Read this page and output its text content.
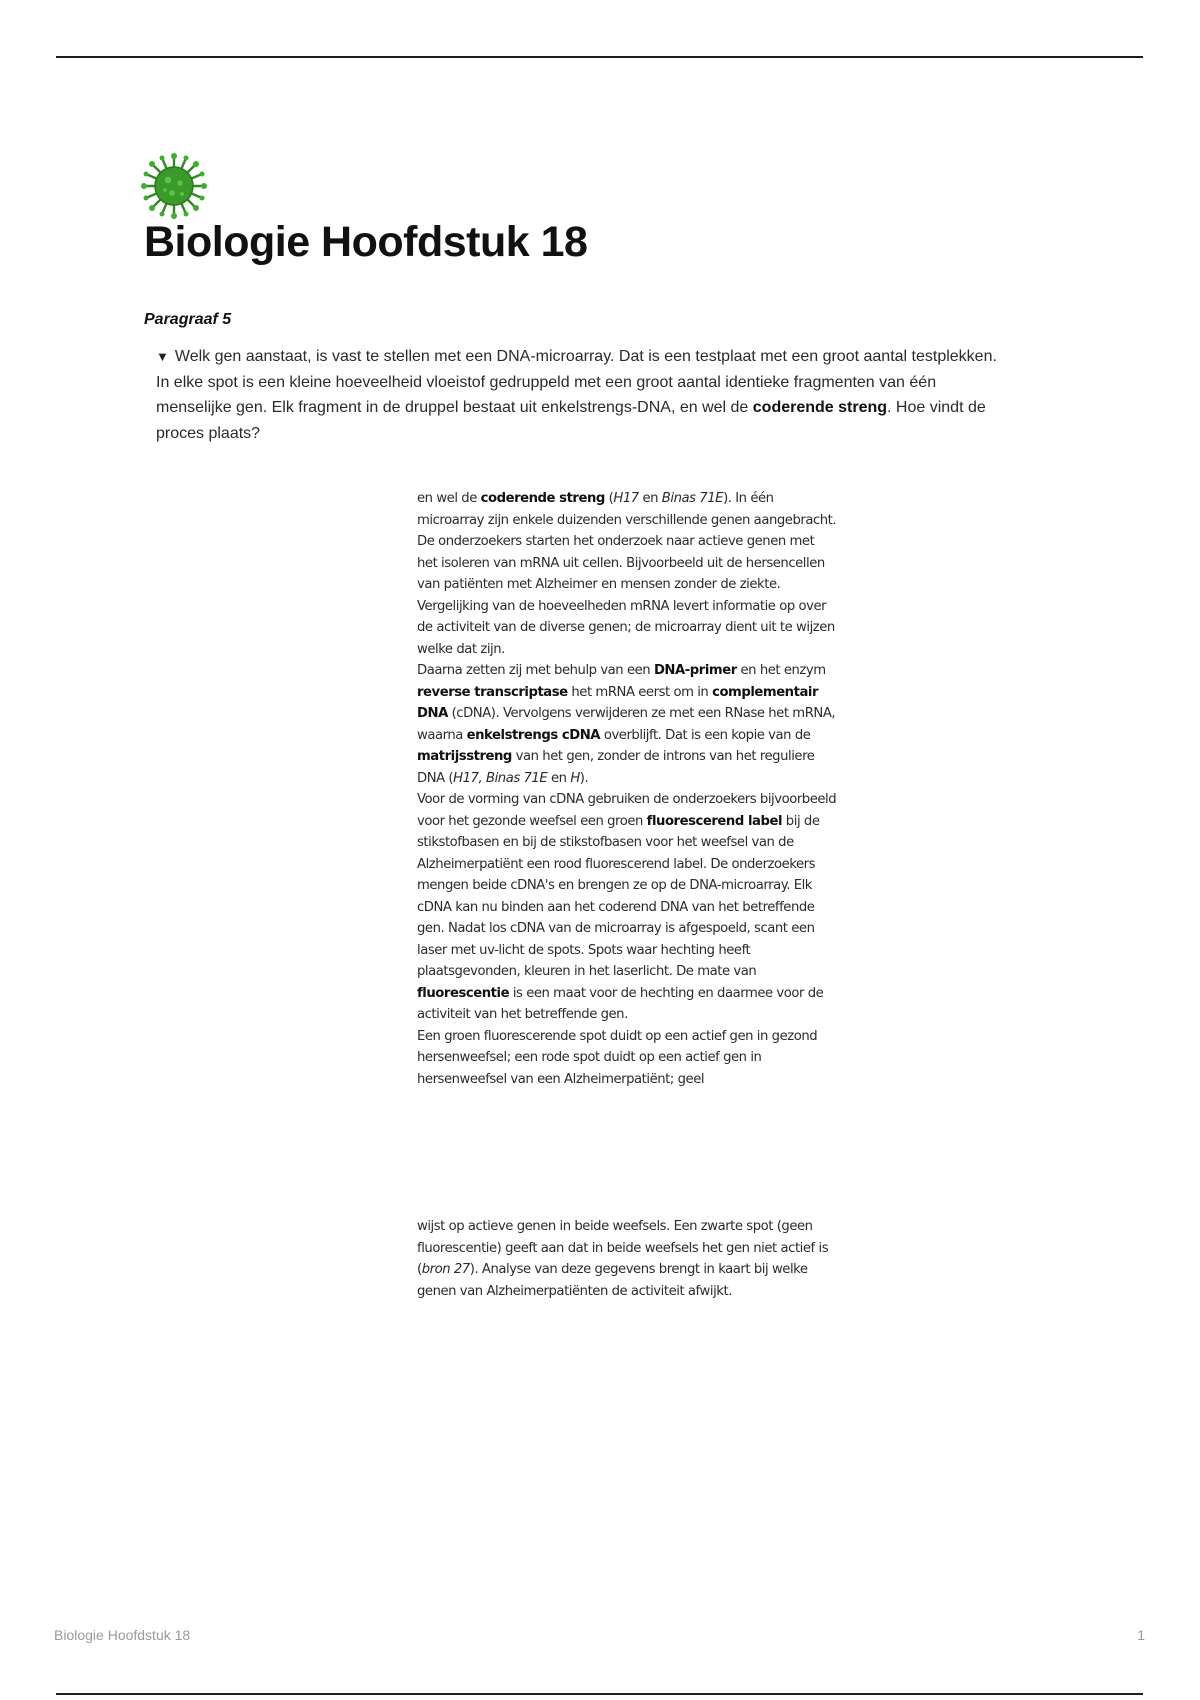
Biologie Hoofdstuk 18
Paragraaf 5
▼ Welk gen aanstaat, is vast te stellen met een DNA-microarray. Dat is een testplaat met een groot aantal testplekken. In elke spot is een kleine hoeveelheid vloeistof gedruppeld met een groot aantal identieke fragmenten van één menselijke gen. Elk fragment in de druppel bestaat uit enkelstrengs-DNA, en wel de coderende streng. Hoe vindt de proces plaats?

en wel de coderende streng (H17 en Binas 71E). In één microarray zijn enkele duizenden verschillende genen aangebracht.

De onderzoekers starten het onderzoek naar actieve genen met het isoleren van mRNA uit cellen. Bijvoorbeeld uit de hersencellen van patiënten met Alzheimer en mensen zonder de ziekte. Vergelijking van de hoeveelheden mRNA levert informatie op over de activiteit van de diverse genen; de microarray dient uit te wijzen welke dat zijn.

Daarna zetten zij met behulp van een DNA-primer en het enzym reverse transcriptase het mRNA eerst om in complementair DNA (cDNA). Vervolgens verwijderen ze met een RNase het mRNA, waarna enkelstrengs cDNA overblijft. Dat is een kopie van de matrijsstreng van het gen, zonder de introns van het reguliere DNA (H17, Binas 71E en H).

Voor de vorming van cDNA gebruiken de onderzoekers bijvoorbeeld voor het gezonde weefsel een groen fluorescerend label bij de stikstofbasen en bij de stikstofbasen voor het weefsel van de Alzheimerpatiënt een rood fluorescerend label. De onderzoekers mengen beide cDNA's en brengen ze op de DNA-microarray. Elk cDNA kan nu binden aan het coderend DNA van het betreffende gen. Nadat los cDNA van de microarray is afgespoeld, scant een laser met uv-licht de spots. Spots waar hechting heeft plaatsgevonden, kleuren in het laserlicht. De mate van fluorescentie is een maat voor de hechting en daarmee voor de activiteit van het betreffende gen.

Een groen fluorescerende spot duidt op een actief gen in gezond hersenweefsel; een rode spot duidt op een actief gen in hersenweefsel van een Alzheimerpatiënt; geel

wijst op actieve genen in beide weefsels. Een zwarte spot (geen fluorescentie) geeft aan dat in beide weefsels het gen niet actief is (bron 27). Analyse van deze gegevens brengt in kaart bij welke genen van Alzheimerpatiënten de activiteit afwijkt.

Biologie Hoofdstuk 18	1
